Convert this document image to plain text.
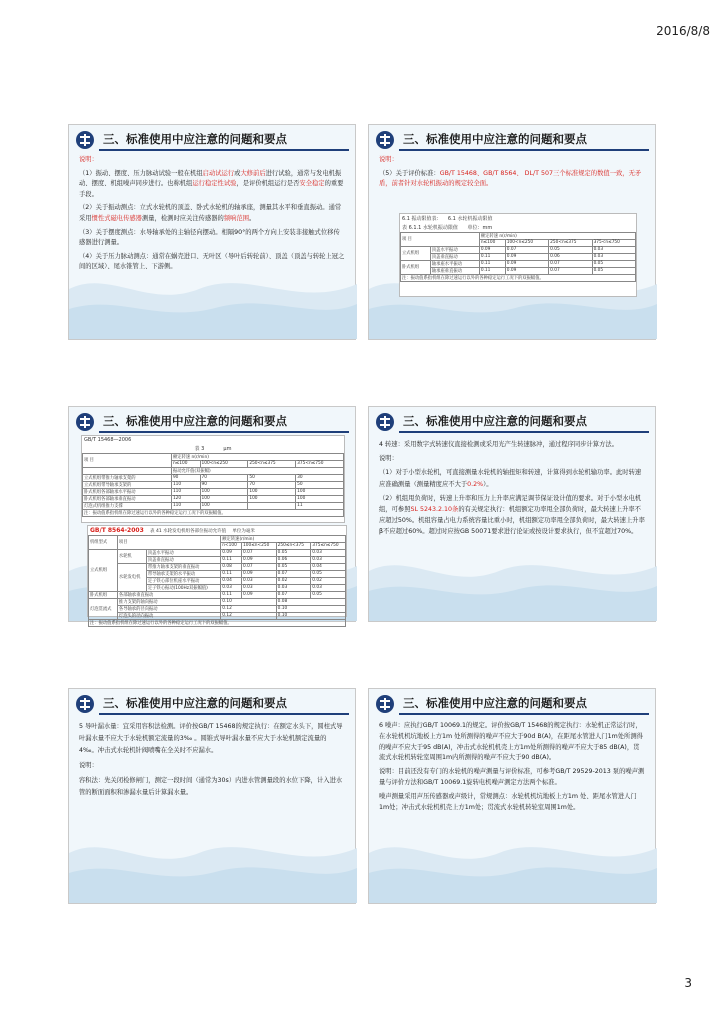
2016/8/8
三、标准使用中应注意的问题和要点

说明：

（1）振动、摆度、压力脉动试验一般在机组启动试运行或大修前后进行试验，通常与发电机振动、摆度、机组噪声同步进行。也称机组运行稳定性试验，是评价机组运行是否安全稳定的重要手段。

（2）关于振动测点：立式水轮机的顶盖、卧式水轮机的轴承座，测量其水平和垂直振动。通常采用惯性式磁电传感器测量，检测时应关注传感器的频响范围。

（3）关于摆度测点：水导轴承处的主轴径向摆动。相隔90°的两个方向上安装非接触式位移传感器进行测量。

（4）关于压力脉动测点：通常在蜗壳进口、无叶区（导叶后转轮前）、顶盖（顶盖与转轮上冠之间的区域）、尾水锥管上、下游侧。

三、标准使用中应注意的问题和要点

说明：

（5）关于评价标准：GB/T 15468、GB/T 8564、 DL/T 507三个标准规定的数值一致，无矛盾，前者针对水轮机振动的规定较全面。

6.1 振动限值表： 6.1 水轮机振动限值
表 6.1.1 水轮机振动限值 单位：mm
项 目		额定转速 n(r/min)			
		n≤100	100<n≤250	250<n≤375	375<n≤750
立式机组	顶盖水平振动	0.09	0.07	0.05	0.03
	顶盖垂直振动	0.11	0.09	0.06	0.03
卧式机组	轴承座水平振动	0.11	0.09	0.07	0.05
	轴承座垂直振动	0.11	0.09	0.07	0.05
注：振动值系指机组在除过速运行以外的各种稳定运行工况下的双振幅值。					
三、标准使用中应注意的问题和要点
GB/T 15468—2006
表 3	μm
项 目	额定转速 n(r/min)			
	n≤100	100<n≤250	250<n≤375	375<n≤750
	振动允许值(双振幅)			
立式机组带推力轴承支架的	90	70	50	30
立式机组带导轴承支架的	110	90	70	50
卧式机组各部轴承水平振动	110	100	100	100
卧式机组各部轴承垂直振动	120	100	100	100
灯泡式机组推力支撑	110	100		11
注：振动值系指机组在除过速运行以外的各种稳定运行工况下的双振幅值。				
GB/T 8564-2003 表 41 水轮发电机组各部位振动允许值 单位为毫米
机组型式	项目		额定转速(r/min)			
			n<100	100≤n<250	250≤n<375	375≤n≤750
立式机组	水轮机	顶盖水平振动	0.09	0.07	0.05	0.03
		顶盖垂直振动	0.11	0.09	0.06	0.03
	水轮发电机	带推力轴承支架的垂直振动	0.08	0.07	0.05	0.04
		带导轴承支架的水平振动	0.11	0.09	0.07	0.05
		定子铁心部位机座水平振动	0.04	0.03	0.02	0.02
		定子铁心振动(100Hz双振幅值)	0.03	0.03	0.03	0.03
卧式机组	各部轴承垂直振动		0.11	0.09	0.07	0.05
灯泡贯流式	推力支架的轴向振动		0.10		0.08	
	各导轴承的径向振动		0.12		0.10	
	灯泡头的径向振动		0.12		0.10	
注：振动值系指机组在除过速运行以外的各种稳定运行工况下的双振幅值。						
三、标准使用中应注意的问题和要点

4 转速：采用数字式转速仪直接检测或采用光产生转速脉冲，通过程序同步计算方法。

说明：

（1）对于小型水轮机，可直接测量水轮机的轴扭矩和转速，计算得到水轮机输功率。此时转速应准确测量（测量精度应不大于0.2%）。

（2）机组甩负荷时，转速上升率和压力上升率应满足调节保证设计值的要求。对于小型水电机组，可参照SL 5243.2.10条的有关规定执行：机组额定功率甩全部负荷时，最大转速上升率不应超过50%。机组容量占电力系统容量比重小时，机组额定功率甩全部负荷时，最大转速上升率β不应超过60%。超过时应按GB 50071要求进行论证或按设计要求执行，但不宜超过70%。

三、标准使用中应注意的问题和要点

5 导叶漏水量：宜采用容积法检测。评价按GB/T 15468的规定执行：在额定水头下，圆柱式导叶漏水量不应大于水轮机额定流量的3‰ 。圆锥式导叶漏水量不应大于水轮机额定流量的4‰。冲击式水轮机针阀喷嘴在全关时不应漏水。

说明：

容积法：先关闭检修闸门，测定一段时间（通常为30s）内进水管测量段的水位下降，计入进水管的断面面积和渗漏水量后计算漏水量。

三、标准使用中应注意的问题和要点

6 噪声：应执行GB/T 10069.1的规定。评价按GB/T 15468的规定执行：水轮机正常运行时，在水轮机机坑地板上方1m 处所测得的噪声不应大于90d B(A)，在距尾水管进人门1m处所测得的噪声不应大于95 dB(A)，冲击式水轮机机壳上方1m处所测得的噪声不应大于85 dB(A)，贯流式水轮机转轮室周围1m内所测得的噪声不应大于90 dB(A)。

说明：目前还没有专门的水轮机的噪声测量与评价标准，可参考GB/T 29529-2013 泵的噪声测量与评价方法和GB/T 10069.1旋转电机噪声测定方法两个标准。

噪声测量采用声压传感器或声级计，常规测点：水轮机机坑地板上方1m 处、距尾水管进人门1m处；冲击式水轮机机壳上方1m处；贯流式水轮机转轮室周围1m处。

3
